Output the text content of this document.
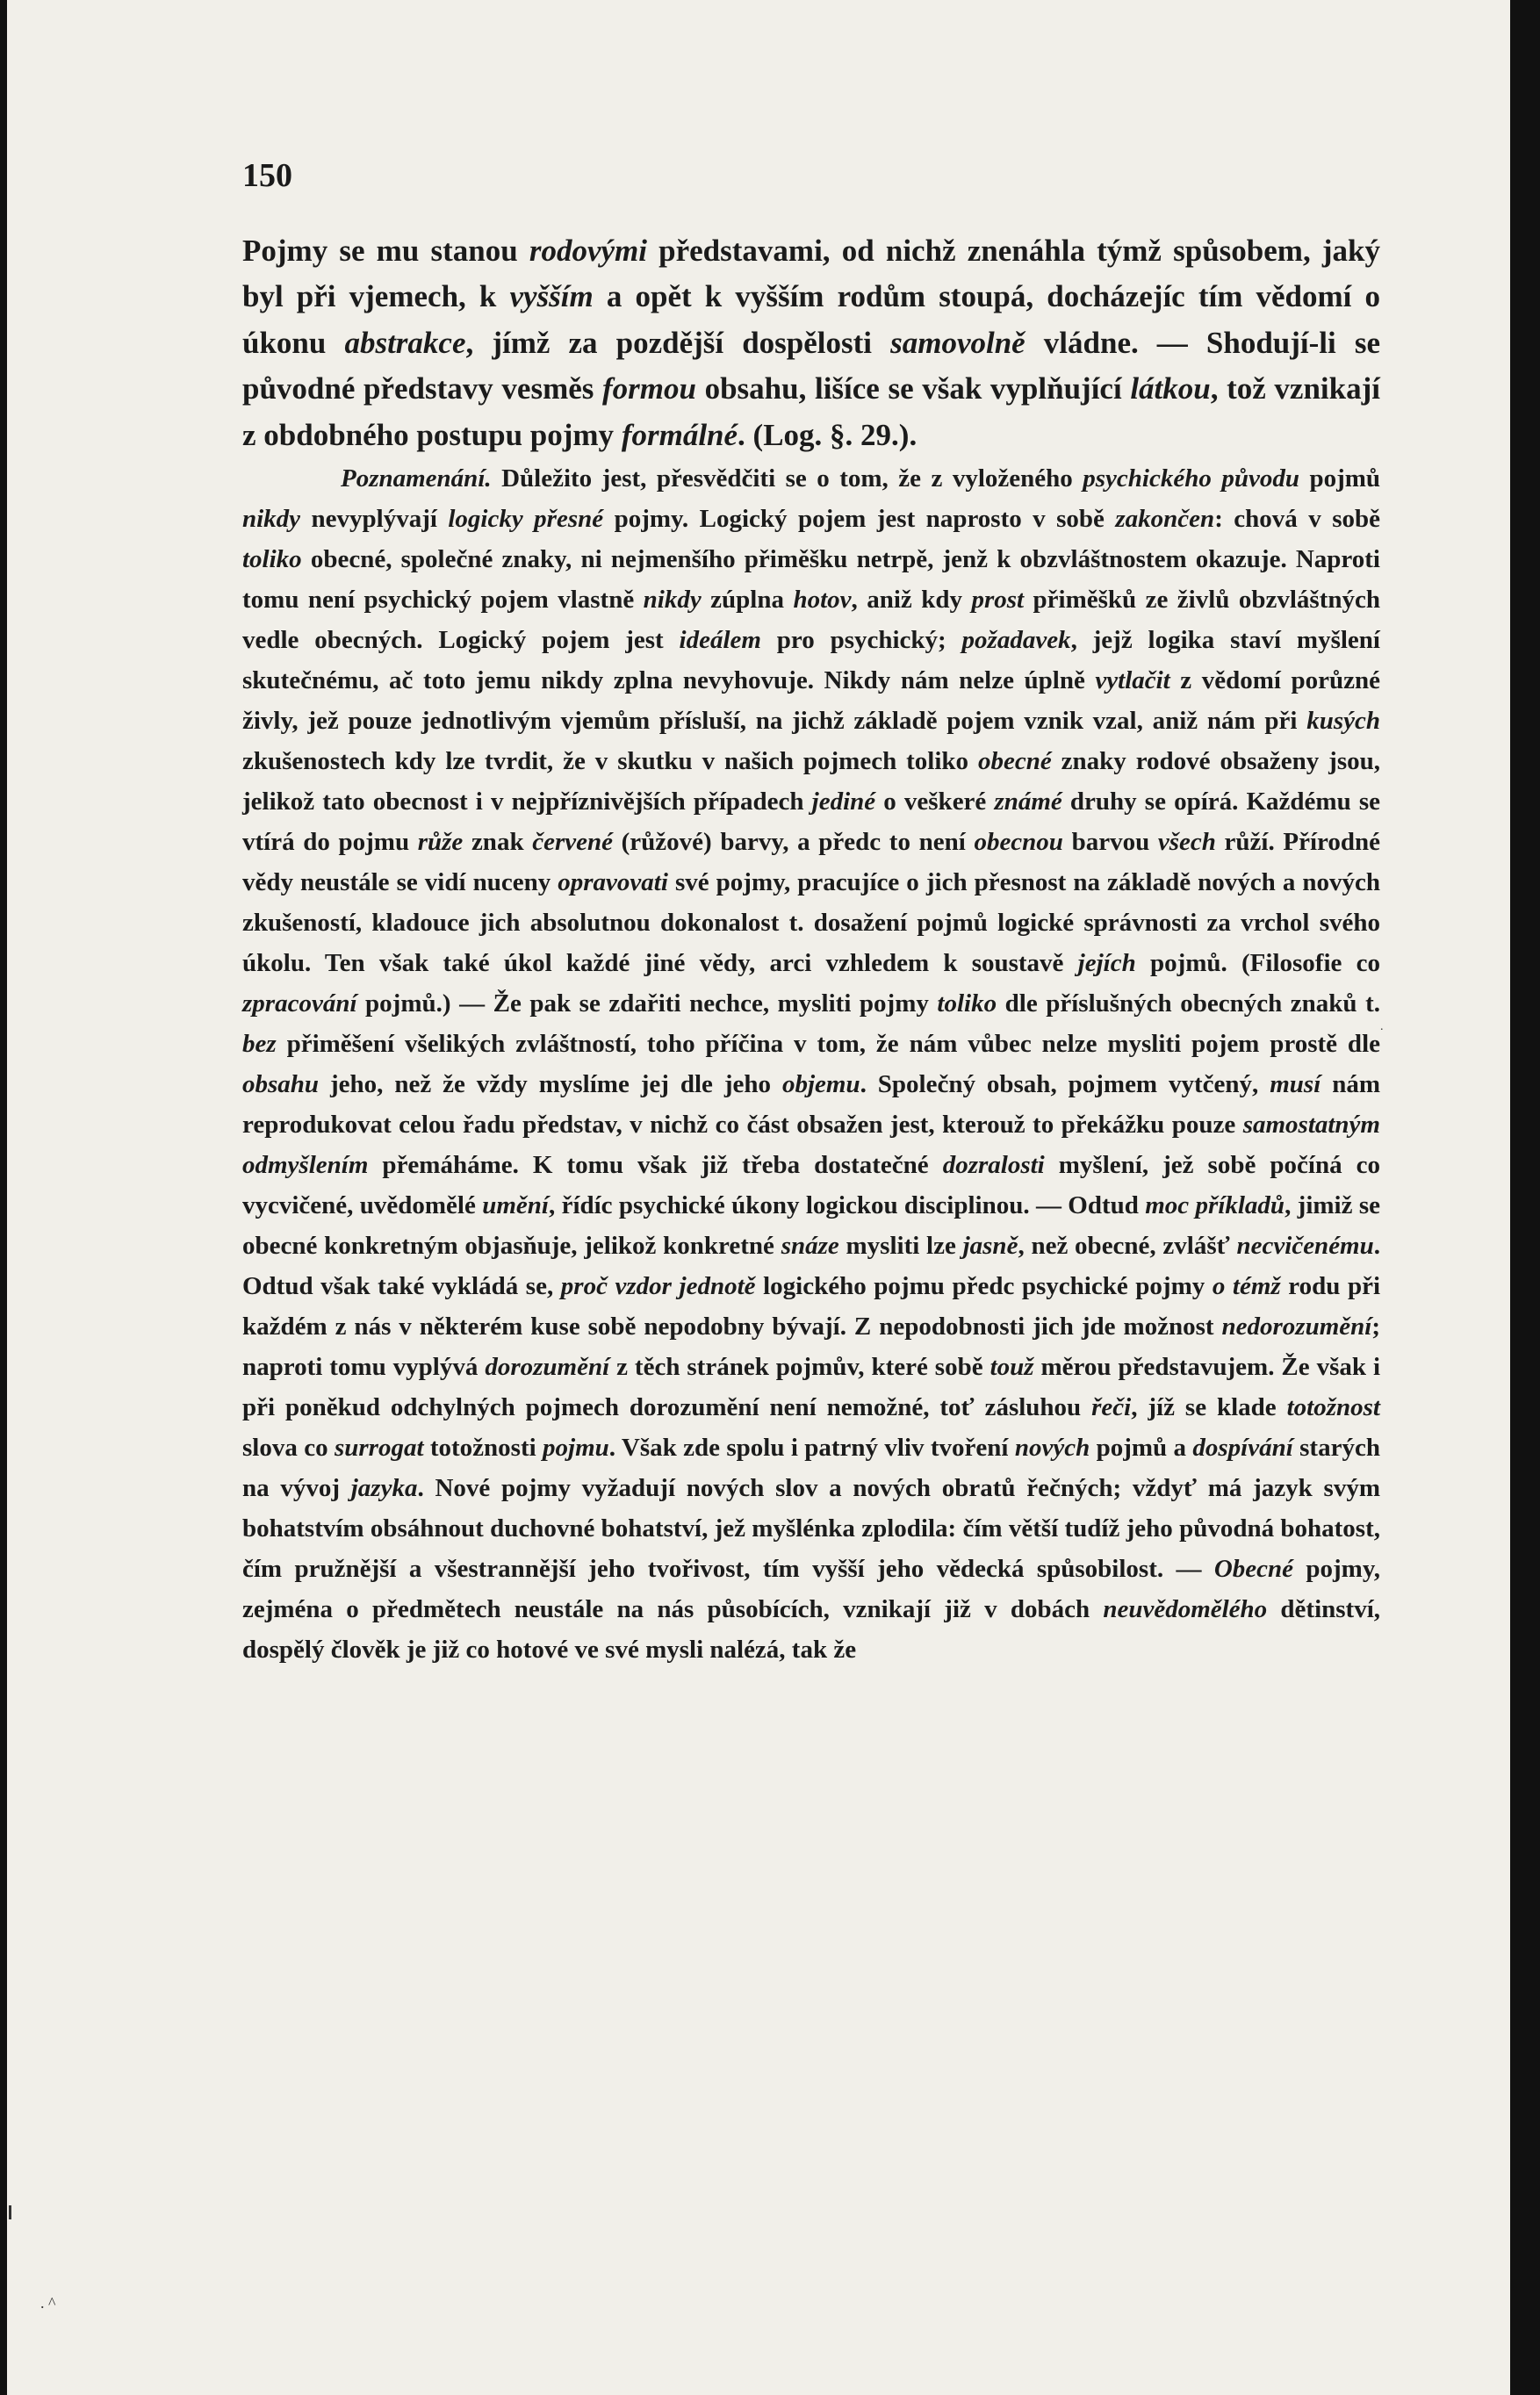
150

Pojmy se mu stanou rodovými představami, od nichž znenáhla týmž spůsobem, jaký byl při vjemech, k vyšším a opět k vyšším rodům stoupá, docházejíc tím vědomí o úkonu abstrakce, jímž za pozdější dospělosti samovolně vládne. — Shodují-li se původné představy vesměs formou obsahu, lišíce se však vyplňující látkou, tož vznikají z obdobného postupu pojmy formálné. (Log. §. 29.).

Poznamenání. Důležito jest, přesvědčiti se o tom, že z vyloženého psychického původu pojmů nikdy nevyplývají logicky přesné pojmy. Logický pojem jest naprosto v sobě zakončen: chová v sobě toliko obecné, společné znaky, ni nejmenšího přiměšku netrpě, jenž k obzvláštnostem okazuje. Naproti tomu není psychický pojem vlastně nikdy zúplna hotov, aniž kdy prost přiměšků ze živlů obzvláštných vedle obecných. Logický pojem jest ideálem pro psychický; požadavek, jejž logika staví myšlení skutečnému, ač toto jemu nikdy zplna nevyhovuje. Nikdy nám nelze úplně vytlačit z vědomí porůzné živly, jež pouze jednotlivým vjemům přísluší, na jichž základě pojem vznik vzal, aniž nám při kusých zkušenostech kdy lze tvrdit, že v skutku v našich pojmech toliko obecné znaky rodové obsaženy jsou, jelikož tato obecnost i v nejpříznivějších případech jediné o veškeré známé druhy se opírá. Každému se vtírá do pojmu růže znak červené (růžové) barvy, a předc to není obecnou barvou všech růží. Přírodné vědy neustále se vidí nuceny opravovati své pojmy, pracujíce o jich přesnost na základě nových a nových zkušeností, kladouce jich absolutnou dokonalost t. dosažení pojmů logické správnosti za vrchol svého úkolu. Ten však také úkol každé jiné vědy, arci vzhledem k soustavě jejích pojmů. (Filosofie co zpracování pojmů.) — Že pak se zdařiti nechce, mysliti pojmy toliko dle příslušných obecných znaků t. bez přiměšení všelikých zvláštností, toho příčina v tom, že nám vůbec nelze mysliti pojem prostě dle obsahu jeho, než že vždy myslíme jej dle jeho objemu. Společný obsah, pojmem vytčený, musí nám reprodukovat celou řadu představ, v nichž co část obsažen jest, kterouž to překážku pouze samostatným odmyšlením přemáháme. K tomu však již třeba dostatečné dozralosti myšlení, jež sobě počíná co vycvičené, uvědomělé umění, řídíc psychické úkony logickou disciplinou. — Odtud moc příkladů, jimiž se obecné konkretným objasňuje, jelikož konkretné snáze mysliti lze jasně, než obecné, zvlášť necvičenému. Odtud však také vykládá se, proč vzdor jednotě logického pojmu předc psychické pojmy o témž rodu při každém z nás v některém kuse sobě nepodobny bývají. Z nepodobnosti jich jde možnost nedorozumění; naproti tomu vyplývá dorozumění z těch stránek pojmův, které sobě touž měrou představujem. Že však i při poněkud odchylných pojmech dorozumění není nemožné, toť zásluhou řeči, jíž se klade totožnost slova co surrogat totožnosti pojmu. Však zde spolu i patrný vliv tvoření nových pojmů a dospívání starých na vývoj jazyka. Nové pojmy vyžadují nových slov a nových obratů řečných; vždyť má jazyk svým bohatstvím obsáhnout duchovné bohatství, jež myšlénka zplodila: čím větší tudíž jeho původná bohatost, čím pružnější a všestrannější jeho tvořivost, tím vyšší jeho vědecká spůsobilost. — Obecné pojmy, zejména o předmětech neustále na nás působících, vznikají již v dobách neuvědomělého dětinství, dospělý člověk je již co hotové ve své mysli nalézá, tak že

.
. ^
